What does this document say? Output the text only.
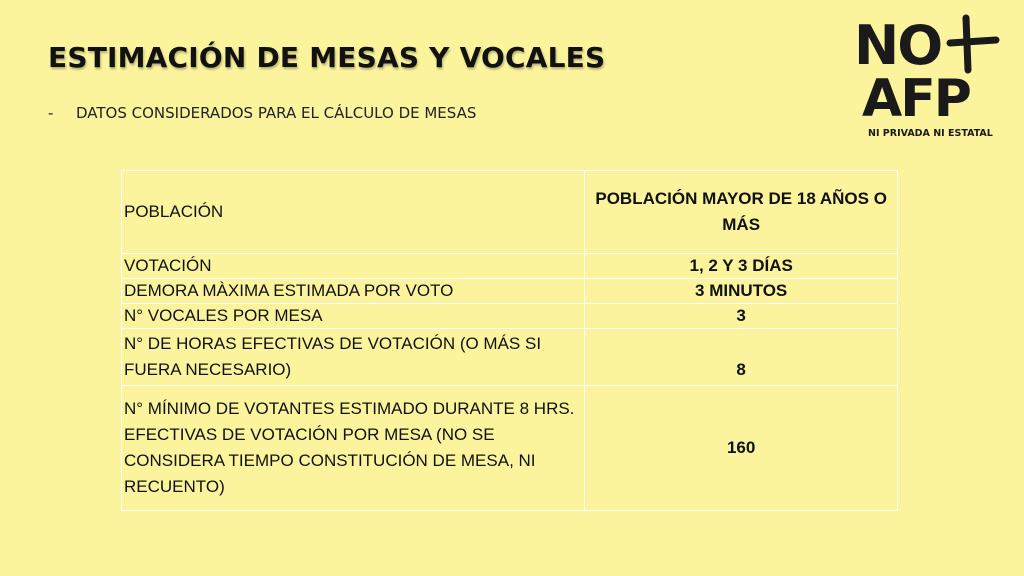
ESTIMACIÓN DE MESAS Y VOCALES
- DATOS CONSIDERADOS PARA EL CÁLCULO DE MESAS
NO
AFP
NI PRIVADA NI ESTATAL
POBLACIÓN	POBLACIÓN MAYOR DE 18 AÑOS O MÁS
VOTACIÓN	1, 2 Y 3 DÍAS
DEMORA MÀXIMA ESTIMADA POR VOTO	3 MINUTOS
N° VOCALES POR MESA	3
N° DE HORAS EFECTIVAS DE VOTACIÓN (O MÁS SI FUERA NECESARIO)	8
N° MÍNIMO DE VOTANTES ESTIMADO DURANTE 8 HRS. EFECTIVAS DE VOTACIÓN POR MESA (NO SE CONSIDERA TIEMPO CONSTITUCIÓN DE MESA, NI RECUENTO)	160
